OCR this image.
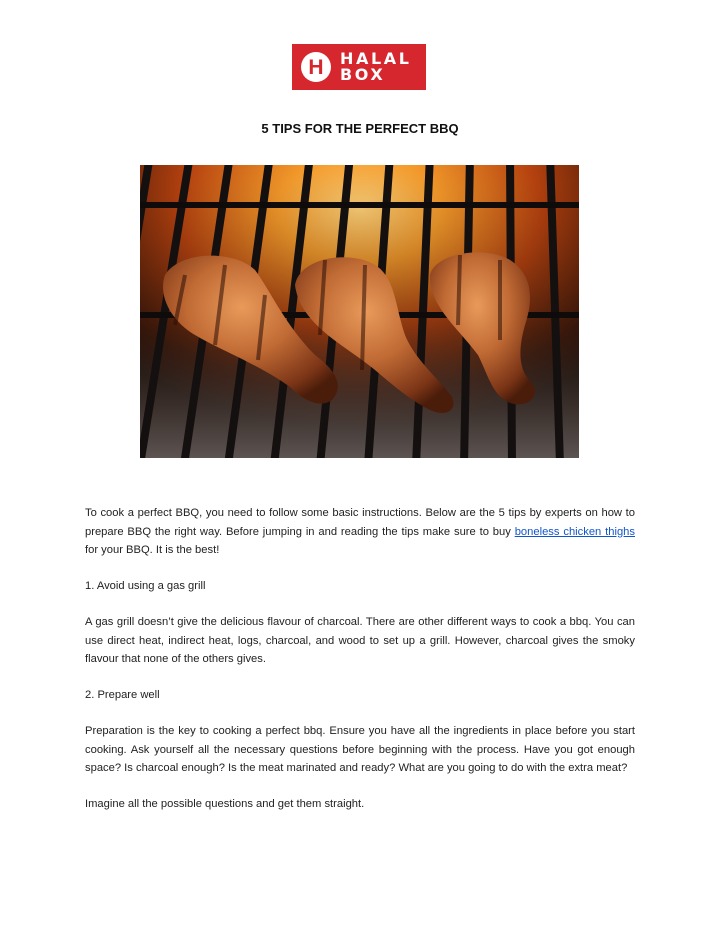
H HALAL
BOX
5 TIPS FOR THE PERFECT BBQ

To cook a perfect BBQ, you need to follow some basic instructions. Below are the 5 tips by experts on how to prepare BBQ the right way. Before jumping in and reading the tips make sure to buy boneless chicken thighs for your BBQ. It is the best!

1. Avoid using a gas grill

A gas grill doesn’t give the delicious flavour of charcoal. There are other different ways to cook a bbq. You can use direct heat, indirect heat, logs, charcoal, and wood to set up a grill. However, charcoal gives the smoky flavour that none of the others gives.

2. Prepare well

Preparation is the key to cooking a perfect bbq. Ensure you have all the ingredients in place before you start cooking. Ask yourself all the necessary questions before beginning with the process. Have you got enough space? Is charcoal enough? Is the meat marinated and ready? What are you going to do with the extra meat?

Imagine all the possible questions and get them straight.
